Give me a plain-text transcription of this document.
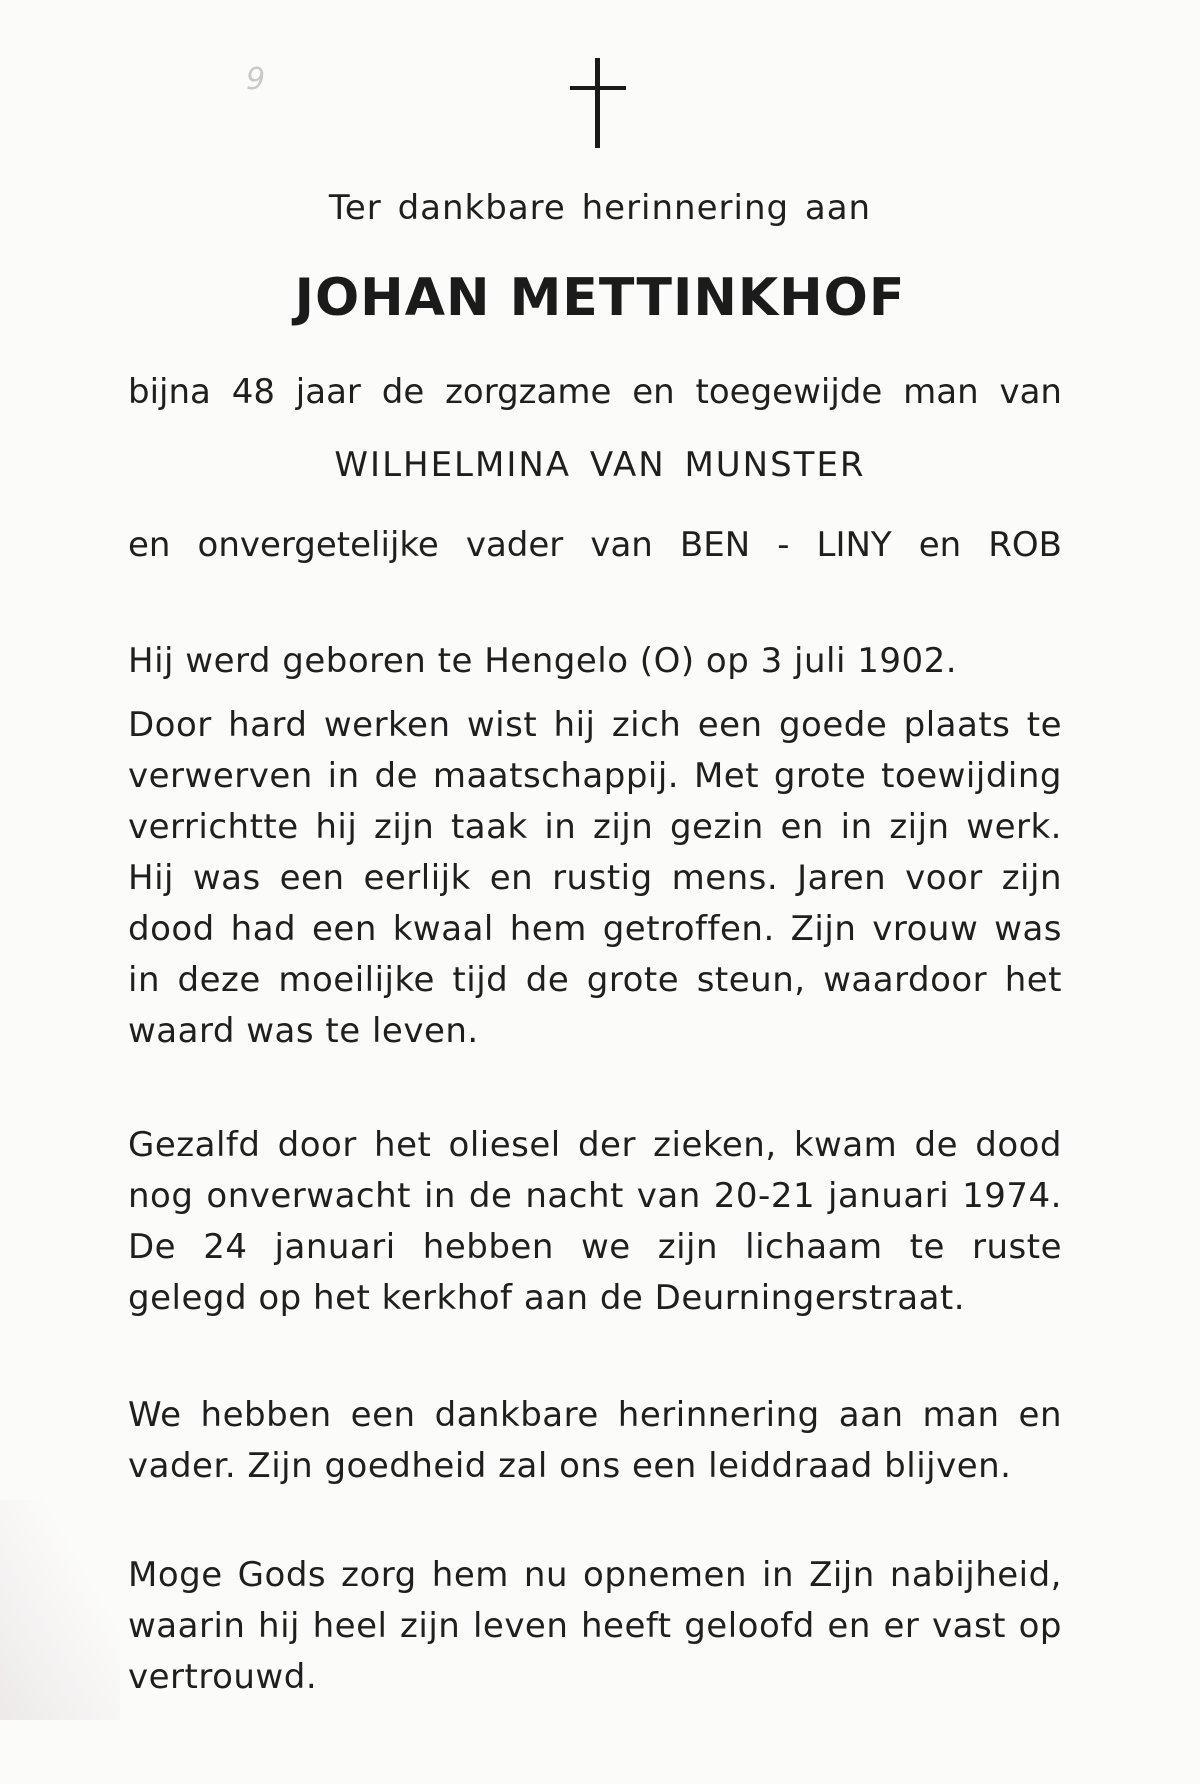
9
Ter dankbare herinnering aan
JOHAN METTINKHOF
bijna 48 jaar de zorgzame en toegewijde man van
WILHELMINA VAN MUNSTER
en onvergetelijke vader van BEN - LINY en ROB
Hij werd geboren te Hengelo (O) op 3 juli 1902.
Door hard werken wist hij zich een goede plaats te verwerven in de maatschappij. Met grote toewijding verrichtte hij zijn taak in zijn gezin en in zijn werk. Hij was een eerlijk en rustig mens. Jaren voor zijn dood had een kwaal hem getroffen. Zijn vrouw was in deze moeilijke tijd de grote steun, waardoor het waard was te leven.
Gezalfd door het oliesel der zieken, kwam de dood nog onverwacht in de nacht van 20-21 januari 1974. De 24 januari hebben we zijn lichaam te ruste gelegd op het kerkhof aan de Deurningerstraat.
We hebben een dankbare herinnering aan man en vader. Zijn goedheid zal ons een leiddraad blijven.
Moge Gods zorg hem nu opnemen in Zijn nabijheid, waarin hij heel zijn leven heeft geloofd en er vast op vertrouwd.
